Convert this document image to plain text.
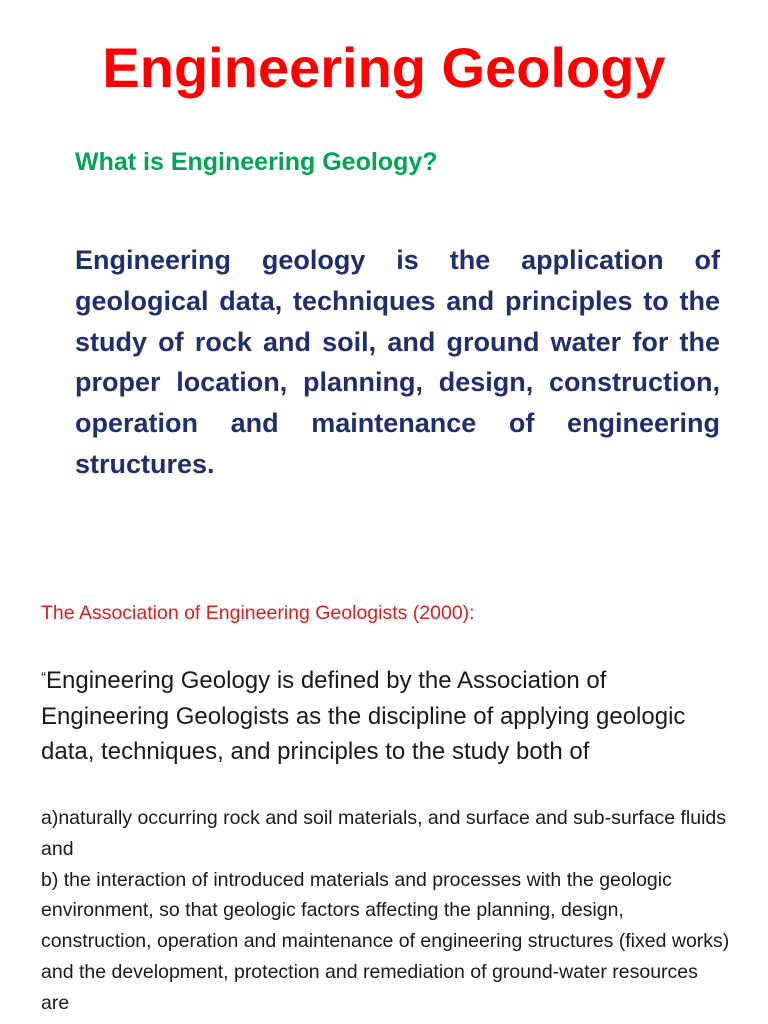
Engineering Geology
What is Engineering Geology?
Engineering geology is the application of geological data, techniques and principles to the study of rock and soil, and ground water for the proper location, planning, design, construction, operation and maintenance of engineering structures.
The Association of Engineering Geologists (2000):
“Engineering Geology is defined by the Association of Engineering Geologists as the discipline of applying geologic data, techniques, and principles to the study both of

a)naturally occurring rock and soil materials, and surface and sub-surface fluids and

b) the interaction of introduced materials and processes with the geologic environment, so that geologic factors affecting the planning, design, construction, operation and maintenance of engineering structures (fixed works) and the development, protection and remediation of ground-water resources are
